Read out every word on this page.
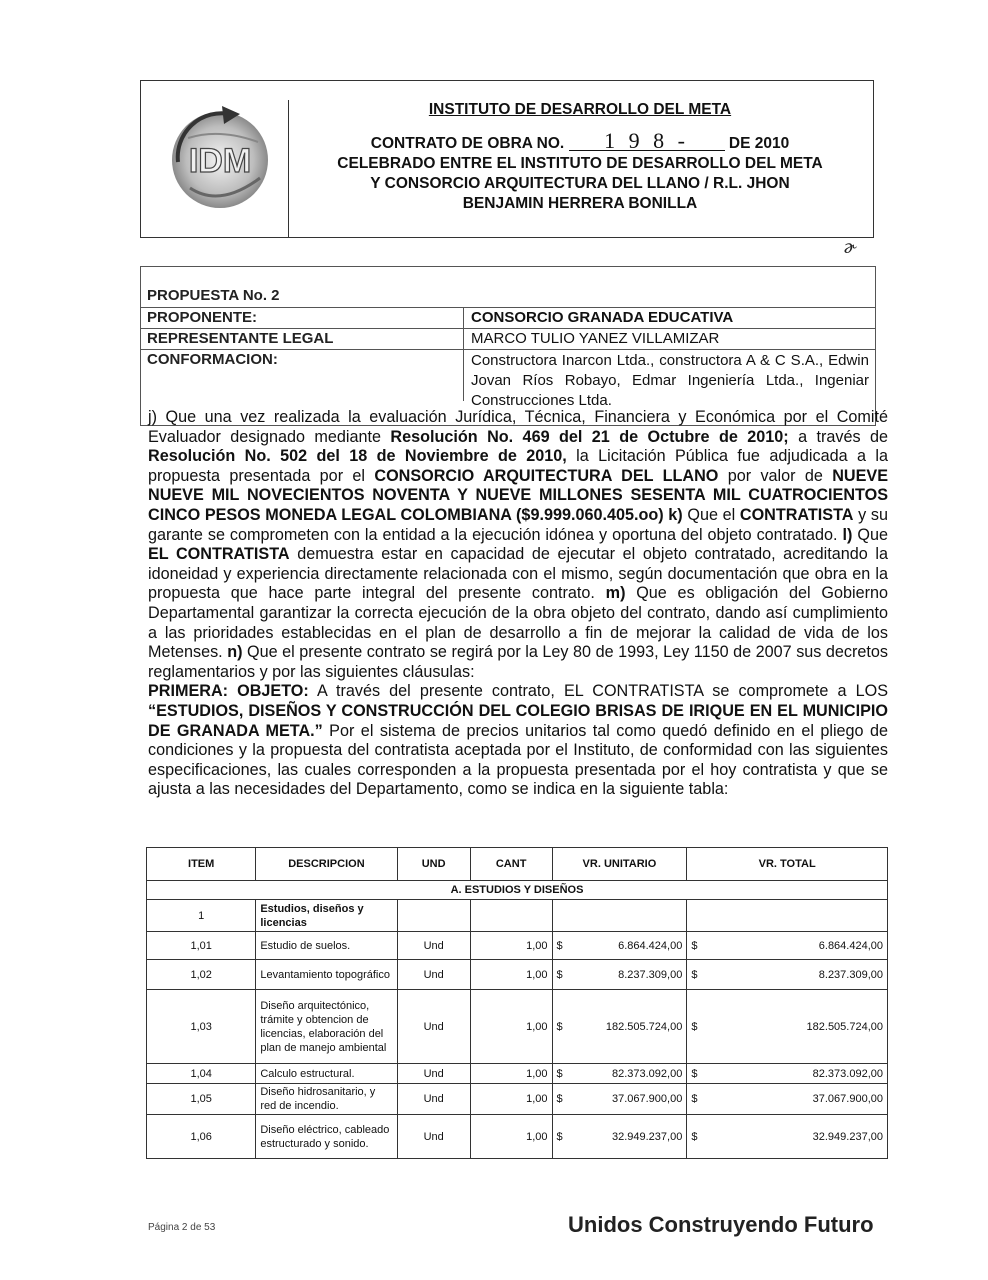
IDM
INSTITUTO DE DESARROLLO DEL META
CONTRATO DE OBRA NO. 1 9 8 -	DE 2010
CELEBRADO ENTRE EL INSTITUTO DE DESARROLLO DEL META
Y CONSORCIO ARQUITECTURA DEL LLANO / R.L. JHON
BENJAMIN HERRERA BONILLA
ɚ
PROPUESTA No. 2
PROPONENTE:	CONSORCIO GRANADA EDUCATIVA
REPRESENTANTE LEGAL	MARCO TULIO YANEZ VILLAMIZAR
CONFORMACION:	Constructora Inarcon Ltda., constructora A & C S.A., Edwin Jovan Ríos Robayo, Edmar Ingeniería Ltda., Ingeniar Construcciones Ltda.

j) Que una vez realizada la evaluación Jurídica, Técnica, Financiera y Económica por el Comité Evaluador designado mediante Resolución No. 469 del 21 de Octubre de 2010; a través de Resolución No. 502 del 18 de Noviembre de 2010, la Licitación Pública fue adjudicada a la propuesta presentada por el CONSORCIO ARQUITECTURA DEL LLANO por valor de NUEVE NUEVE MIL NOVECIENTOS NOVENTA Y NUEVE MILLONES SESENTA MIL CUATROCIENTOS CINCO PESOS MONEDA LEGAL COLOMBIANA ($9.999.060.405.oo) k) Que el CONTRATISTA y su garante se comprometen con la entidad a la ejecución idónea y oportuna del objeto contratado. l) Que EL CONTRATISTA demuestra estar en capacidad de ejecutar el objeto contratado, acreditando la idoneidad y experiencia directamente relacionada con el mismo, según documentación que obra en la propuesta que hace parte integral del presente contrato. m) Que es obligación del Gobierno Departamental garantizar la correcta ejecución de la obra objeto del contrato, dando así cumplimiento a las prioridades establecidas en el plan de desarrollo a fin de mejorar la calidad de vida de los Metenses. n) Que el presente contrato se regirá por la Ley 80 de 1993, Ley 1150 de 2007 sus decretos reglamentarios y por las siguientes cláusulas:

PRIMERA: OBJETO: A través del presente contrato, EL CONTRATISTA se compromete a LOS “ESTUDIOS, DISEÑOS Y CONSTRUCCIÓN DEL COLEGIO BRISAS DE IRIQUE EN EL MUNICIPIO DE GRANADA META.” Por el sistema de precios unitarios tal como quedó definido en el pliego de condiciones y la propuesta del contratista aceptada por el Instituto, de conformidad con las siguientes especificaciones, las cuales corresponden a la propuesta presentada por el hoy contratista y que se ajusta a las necesidades del Departamento, como se indica en la siguiente tabla:

ITEM	DESCRIPCION	UND	CANT	VR. UNITARIO	VR. TOTAL
A. ESTUDIOS Y DISEÑOS					
1	Estudios, diseños y licencias				
1,01	Estudio de suelos.	Und	1,00	$ 6.864.424,00	$ 6.864.424,00

1,02	Levantamiento topográfico	Und	1,00	$ 8.237.309,00	$ 8.237.309,00

1,03	Diseño arquitectónico, trámite y obtencion de licencias, elaboración del plan de manejo ambiental	Und	1,00	$ 182.505.724,00	$ 182.505.724,00

1,04	Calculo estructural.	Und	1,00	$ 82.373.092,00	$ 82.373.092,00

1,05	Diseño hidrosanitario, y red de incendio.	Und	1,00	$ 37.067.900,00	$ 37.067.900,00

1,06	Diseño eléctrico, cableado estructurado y sonido.	Und	1,00	$ 32.949.237,00	$ 32.949.237,00
Página 2 de 53	Unidos Construyendo Futuro
